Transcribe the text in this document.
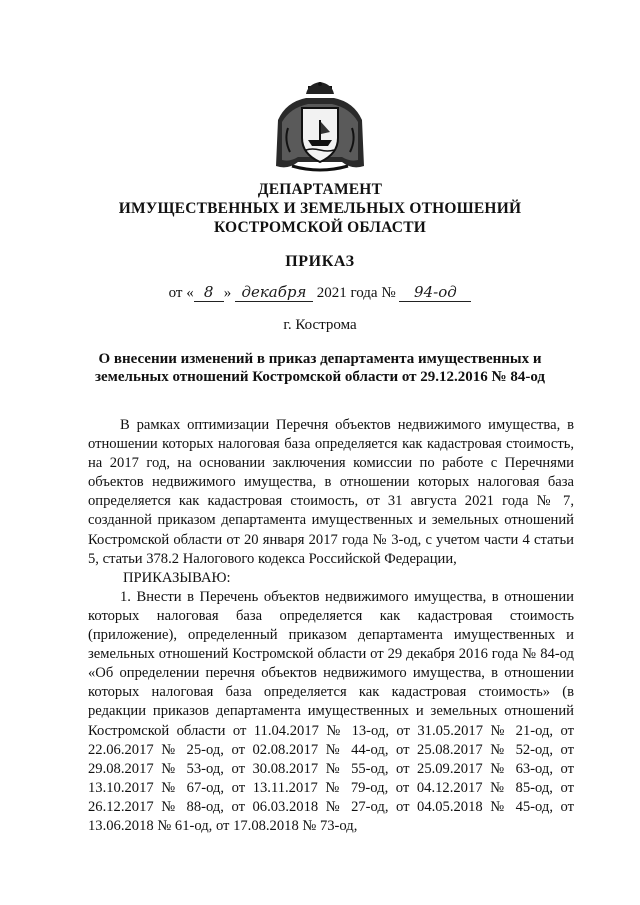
ДЕПАРТАМЕНТ
ИМУЩЕСТВЕННЫХ И ЗЕМЕЛЬНЫХ ОТНОШЕНИЙ
КОСТРОМСКОЙ ОБЛАСТИ
ПРИКАЗ
от « 8 » декабря 2021 года № 94-од
г. Кострома
О внесении изменений в приказ департамента имущественных и
земельных отношений Костромской области от 29.12.2016 № 84-од

В рамках оптимизации Перечня объектов недвижимого имущества, в отношении которых налоговая база определяется как кадастровая стоимость, на 2017 год, на основании заключения комиссии по работе с Перечнями объектов недвижимого имущества, в отношении которых налоговая база определяется как кадастровая стоимость, от 31 августа 2021 года № 7, созданной приказом департамента имущественных и земельных отношений Костромской области от 20 января 2017 года № 3-од, с учетом части 4 статьи 5, статьи 378.2 Налогового кодекса Российской Федерации,

ПРИКАЗЫВАЮ:

1. Внести в Перечень объектов недвижимого имущества, в отношении которых налоговая база определяется как кадастровая стоимость (приложение), определенный приказом департамента имущественных и земельных отношений Костромской области от 29 декабря 2016 года № 84-од «Об определении перечня объектов недвижимого имущества, в отношении которых налоговая база определяется как кадастровая стоимость» (в редакции приказов департамента имущественных и земельных отношений Костромской области от 11.04.2017 № 13-од, от 31.05.2017 № 21-од, от 22.06.2017 № 25-од, от 02.08.2017 № 44-од, от 25.08.2017 № 52-од, от 29.08.2017 № 53-од, от 30.08.2017 № 55-од, от 25.09.2017 № 63-од, от 13.10.2017 № 67-од, от 13.11.2017 № 79-од, от 04.12.2017 № 85-од, от 26.12.2017 № 88-од, от 06.03.2018 № 27-од, от 04.05.2018 № 45-од, от 13.06.2018 № 61-од, от 17.08.2018 № 73-од,
